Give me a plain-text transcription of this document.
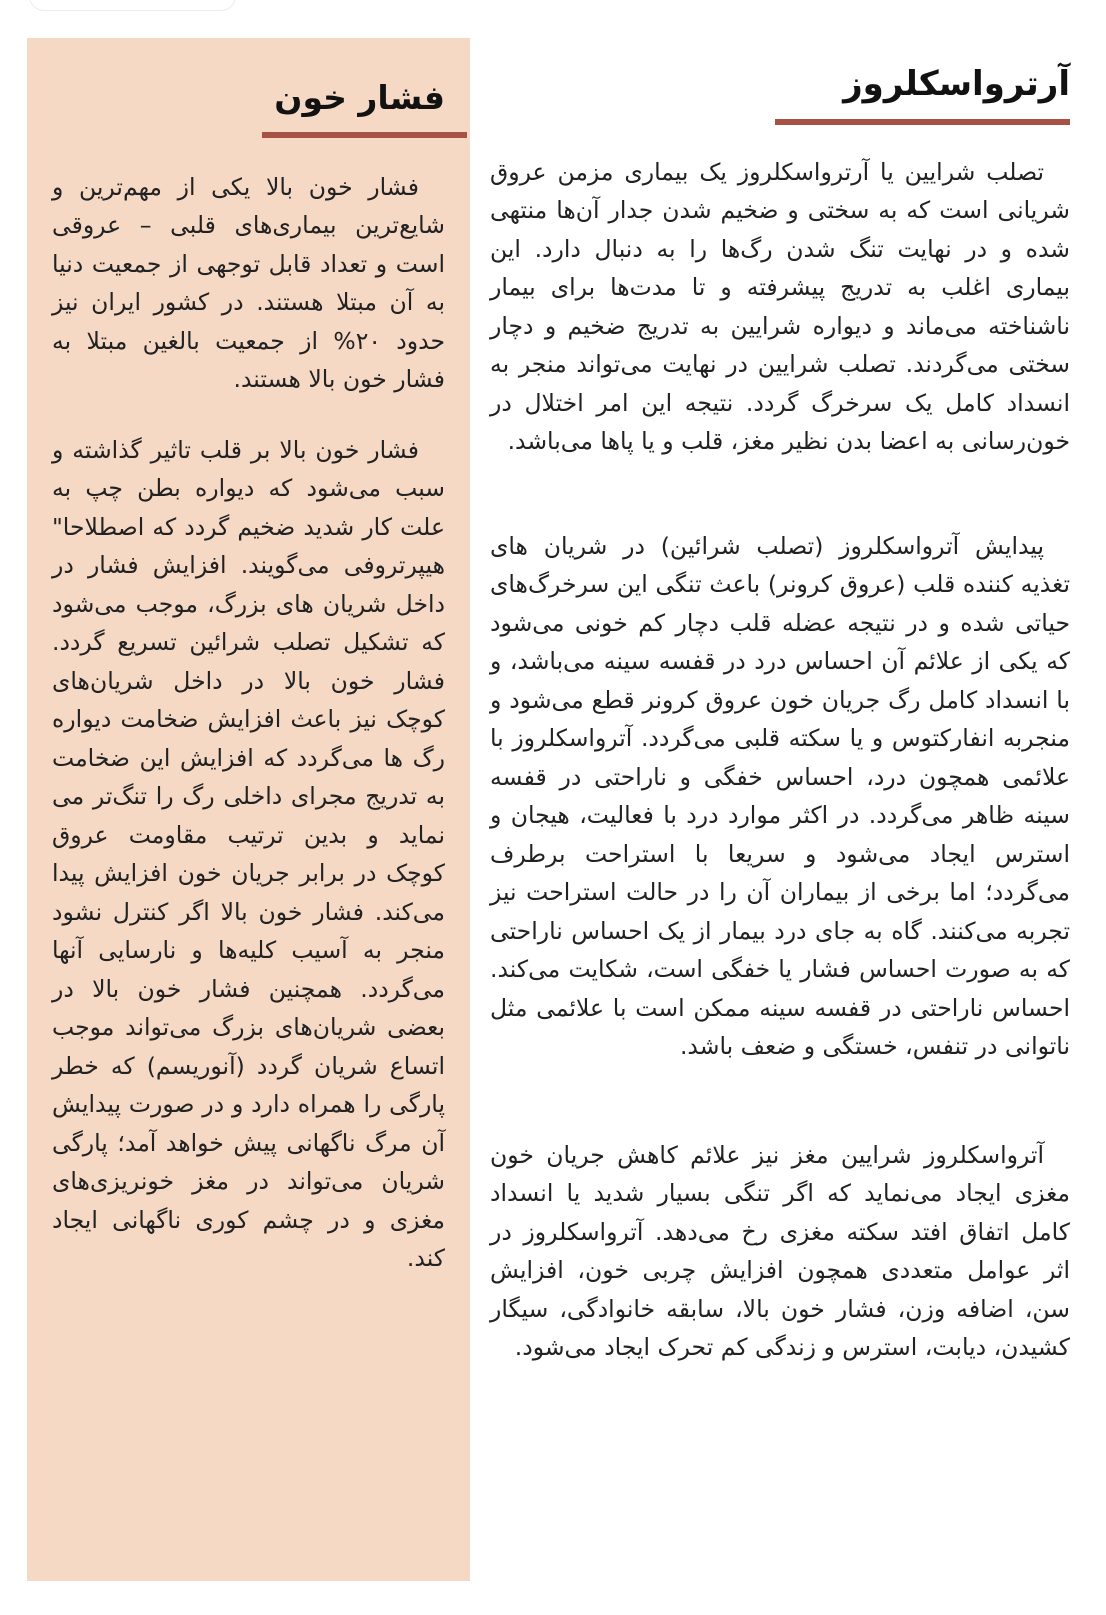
آرترواسکلروز

تصلب شرایین یا آرترواسکلروز یک بیماری مزمن عروق شریانی است که به سختی و ضخیم شدن جدار آن‌ها منتهی شده و در نهایت تنگ شدن رگ‌ها را به دنبال دارد. این بیماری اغلب به تدریج پیشرفته و تا مدت‌ها برای بیمار ناشناخته می‌ماند و دیواره شرایین به تدریج ضخیم و دچار سختی می‌گردند. تصلب شرایین در نهایت می‌تواند منجر به انسداد کامل یک سرخرگ گردد. نتیجه این امر اختلال در خون‌رسانی به اعضا بدن نظیر مغز، قلب و یا پاها می‌باشد.

پیدایش آترواسکلروز (تصلب شرائین) در شریان های تغذیه کننده قلب (عروق کرونر) باعث تنگی این سرخرگ‌های حیاتی شده و در نتیجه عضله قلب دچار کم خونی می‌شود که یکی از علائم آن احساس درد در قفسه سینه می‌باشد، و با انسداد کامل رگ جریان خون عروق کرونر قطع می‌شود و منجربه انفارکتوس و یا سکته قلبی می‌گردد. آترواسکلروز با علائمی همچون درد، احساس خفگی و ناراحتی در قفسه سینه ظاهر می‌گردد. در اکثر موارد درد با فعالیت، هیجان و استرس ایجاد می‌شود و سریعا با استراحت برطرف می‌گردد؛ اما برخی از بیماران آن را در حالت استراحت نیز تجربه می‌کنند. گاه به جای درد بیمار از یک احساس ناراحتی که به صورت احساس فشار یا خفگی است، شکایت می‌کند. احساس ناراحتی در قفسه سینه ممکن است با علائمی مثل ناتوانی در تنفس، خستگی و ضعف باشد.

آترواسکلروز شرایین مغز نیز علائم کاهش جریان خون مغزی ایجاد می‌نماید که اگر تنگی بسیار شدید یا انسداد کامل اتفاق افتد سکته مغزی رخ می‌دهد. آترواسکلروز در اثر عوامل متعددی همچون افزایش چربی خون، افزایش سن، اضافه وزن، فشار خون بالا، سابقه خانوادگی، سیگار کشیدن، دیابت، استرس و زندگی کم تحرک ایجاد می‌شود.

فشار خون

فشار خون بالا یکی از مهم‌ترین و شایع‌ترین بیماری‌های قلبی – عروقی است و تعداد قابل توجهی از جمعیت دنیا به آن مبتلا هستند. در کشور ایران نیز حدود ۲۰% از جمعیت بالغین مبتلا به فشار خون بالا هستند.

فشار خون بالا بر قلب تاثیر گذاشته و سبب می‌شود که دیواره بطن چپ به علت کار شدید ضخیم گردد که اصطلاحا" هیپرتروفی می‌گویند. افزایش فشار در داخل شریان های بزرگ، موجب می‌شود که تشکیل تصلب شرائین تسریع گردد. فشار خون بالا در داخل شریان‌های کوچک نیز باعث افزایش ضخامت دیواره رگ ها می‌گردد که افزایش این ضخامت به تدریج مجرای داخلی رگ را تنگ‌تر می نماید و بدین ترتیب مقاومت عروق کوچک در برابر جریان خون افزایش پیدا می‌کند. فشار خون بالا اگر کنترل نشود منجر به آسیب کلیه‌ها و نارسایی آنها می‌گردد. همچنین فشار خون بالا در بعضی شریان‌های بزرگ می‌تواند موجب اتساع شریان گردد (آنوریسم) که خطر پارگی را همراه دارد و در صورت پیدایش آن مرگ ناگهانی پیش خواهد آمد؛ پارگی شریان می‌تواند در مغز خونریزی‌های مغزی و در چشم کوری ناگهانی ایجاد کند.
